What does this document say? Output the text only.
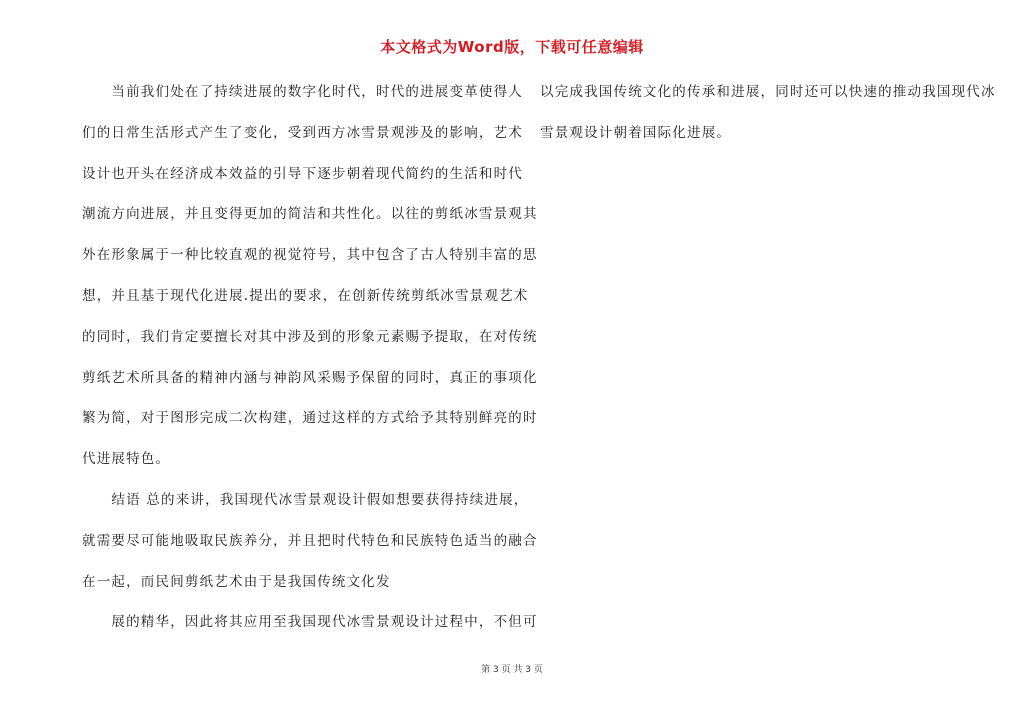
本文格式为Word版，下载可任意编辑
　　当前我们处在了持续进展的数字化时代，时代的进展变革使得人
们的日常生活形式产生了变化，受到西方冰雪景观涉及的影响，艺术
设计也开头在经济成本效益的引导下逐步朝着现代简约的生活和时代
潮流方向进展，并且变得更加的简洁和共性化。以往的剪纸冰雪景观其
外在形象属于一种比较直观的视觉符号，其中包含了古人特别丰富的思
想，并且基于现代化进展.提出的要求，在创新传统剪纸冰雪景观艺术
的同时，我们肯定要擅长对其中涉及到的形象元素赐予提取，在对传统
剪纸艺术所具备的精神内涵与神韵风采赐予保留的同时，真正的事项化
繁为简，对于图形完成二次构建，通过这样的方式给予其特别鲜亮的时
代进展特色。
　　结语 总的来讲，我国现代冰雪景观设计假如想要获得持续进展，
就需要尽可能地吸取民族养分，并且把时代特色和民族特色适当的融合
在一起，而民间剪纸艺术由于是我国传统文化发
　　展的精华，因此将其应用至我国现代冰雪景观设计过程中，不但可
以完成我国传统文化的传承和进展，同时还可以快速的推动我国现代冰
雪景观设计朝着国际化进展。
第 3 页 共 3 页
